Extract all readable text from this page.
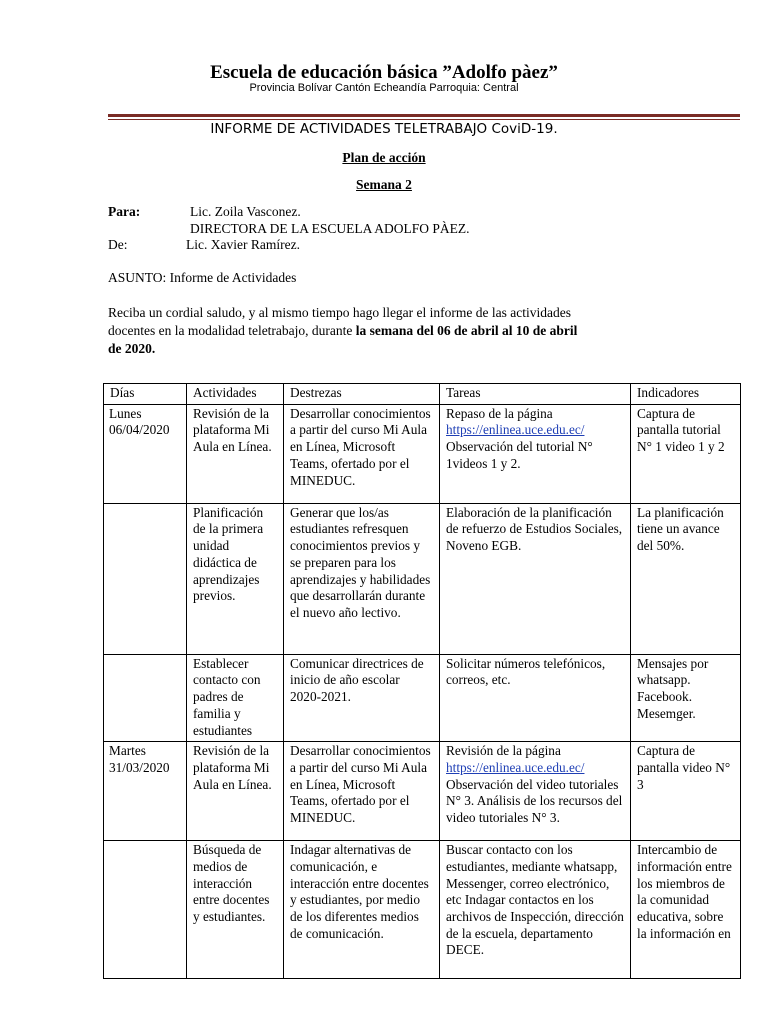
Escuela de educación básica ”Adolfo pàez”
Provincia Bolívar Cantón Echeandía Parroquia: Central
INFORME DE ACTIVIDADES TELETRABAJO CoviD-19.
Plan de acción
Semana 2
Para:	Lic. Zoila Vasconez.
DIRECTORA DE LA ESCUELA ADOLFO PÀEZ.
De:	Lic. Xavier Ramírez.
ASUNTO: Informe de Actividades
Reciba un cordial saludo, y al mismo tiempo hago llegar el informe de las actividades
docentes en la modalidad teletrabajo, durante la semana del 06 de abril al 10 de abril
de 2020.
Días	Actividades	Destrezas	Tareas	Indicadores
Lunes 06/04/2020	Revisión de la plataforma Mi Aula en Línea.	Desarrollar conocimientos a partir del curso Mi Aula en Línea, Microsoft Teams, ofertado por el MINEDUC.	Repaso de la página
https://enlinea.uce.edu.ec/
Observación del tutorial N° 1videos 1 y 2.	Captura de pantalla tutorial N° 1 video 1 y 2
	Planificación de la primera unidad didáctica de aprendizajes previos.	Generar que los/as estudiantes refresquen conocimientos previos y se preparen para los aprendizajes y habilidades que desarrollarán durante el nuevo año lectivo.	Elaboración de la planificación de refuerzo de Estudios Sociales, Noveno EGB.	La planificación tiene un avance del 50%.
	Establecer contacto con padres de familia y estudiantes	Comunicar directrices de inicio de año escolar 2020-2021.	Solicitar números telefónicos, correos, etc.	Mensajes por whatsapp. Facebook. Mesemger.
Martes 31/03/2020	Revisión de la plataforma Mi Aula en Línea.	Desarrollar conocimientos a partir del curso Mi Aula en Línea, Microsoft Teams, ofertado por el MINEDUC.	Revisión de la página
https://enlinea.uce.edu.ec/
Observación del video tutoriales N° 3. Análisis de los recursos del video tutoriales N° 3.	Captura de pantalla video N° 3
	Búsqueda de medios de interacción entre docentes y estudiantes.	Indagar alternativas de comunicación, e interacción entre docentes y estudiantes, por medio de los diferentes medios de comunicación.	Buscar contacto con los estudiantes, mediante whatsapp, Messenger, correo electrónico, etc Indagar contactos en los archivos de Inspección, dirección de la escuela, departamento DECE.	Intercambio de información entre los miembros de la comunidad educativa, sobre la información en
